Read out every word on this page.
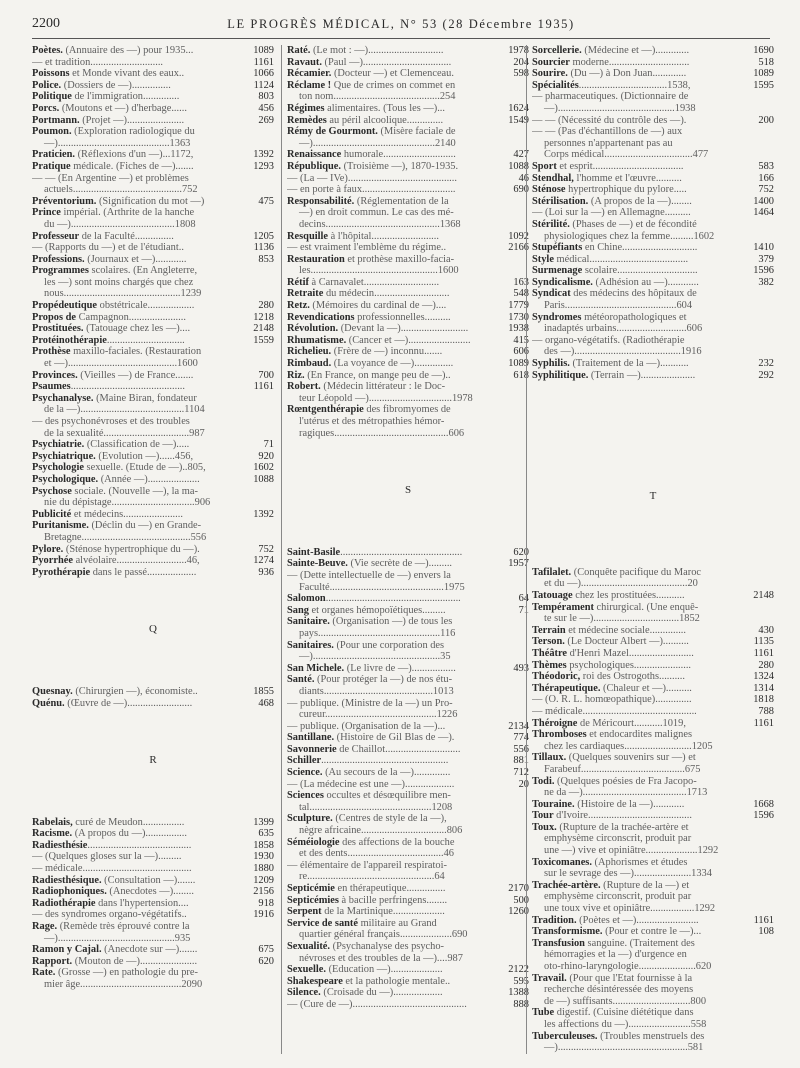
2200	LE PROGRÈS MÉDICAL, N° 53 (28 Décembre 1935)
Poètes. (Annuaire des —) pour 1935...	1089
— et tradition............................	1161
Poissons et Monde vivant des eaux..	1066
Police. (Dossiers de —)...............	1124
Politique de l'immigration..............	803
Porcs. (Moutons et —) d'herbage......	456
Portmann. (Projet —)......................	269
Poumon. (Exploration radiologique du
—)...........................................1363
Praticien. (Réflexions d'un —)...1172,	1392
Pratique médicale. (Fiches de —).......	1293
— — (En Argentine —) et problèmes
actuels..........................................752
Préventorium. (Signification du mot —)	475
Prince impérial. (Arthrite de la hanche
du —)........................................1808
Professeur de la Faculté...............	1205
— (Rapports du —) et de l'étudiant..	1136
Professions. (Journaux et —)............	853
Programmes scolaires. (En Angleterre,
les —) sont moins chargés que chez
nous.............................................1239
Propédeutique obstétricale..................	280
Propos de Campagnon......................	1218
Prostituées. (Tatouage chez les —)....	2148
Protéinothérapie..............................	1559
Prothèse maxillo-faciales. (Restauration
et —)..........................................1600
Provinces. (Vieilles —) de France.......	700
Psaumes............................................	1161
Psychanalyse. (Maine Biran, fondateur
de la —)........................................1104
— des psychonévroses et des troubles
de la sexualité.................................987
Psychiatrie. (Classification de —).....	71
Psychiatrique. (Evolution —)......456,	920
Psychologie sexuelle. (Etude de —)..805,	1602
Psychologique. (Année —)....................	1088
Psychose sociale. (Nouvelle —), la ma-
nie du dépistage................................906
Publicité et médecins.......................	1392
Puritanisme. (Déclin du —) en Grande-
Bretagne..........................................556
Pylore. (Sténose hypertrophique du —).	752
Pyorrhée alvéolaire...........................46,	1274
Pyrothérapie dans le passé...................	936
Q
Quesnay. (Chirurgien —), économiste..	1855
Quénu. (Œuvre de —).........................	468
R
Rabelais, curé de Meudon................	1399
Racisme. (A propos du —)................	635
Radiesthésie........................................	1858
— (Quelques gloses sur la —).........	1930
— médicale..........................................	1880
Radiesthésique. (Consultation —).......	1209
Radiophoniques. (Anecdotes —)........	2156
Radiothérapie dans l'hypertension....	918
— des syndromes organo-végétatifs..	1916
Rage. (Remède très éprouvé contre la
—).............................................935
Ramon y Cajal. (Anecdote sur —).......	675
Rapport. (Mouton de —)......................	620
Rate. (Grosse —) en pathologie du pre-
mier âge.......................................2090
Raté. (Le mot : —).............................	1978
Ravaut. (Paul —)..................................	204
Récamier. (Docteur —) et Clemenceau.	598
Réclame ! Que de crimes on commet en
ton nom.........................................254
Régimes alimentaires. (Tous les —)...	1624
Remèdes au péril alcoolique..............	1549
Rémy de Gourmont. (Misère faciale de
—)...............................................2140
Renaissance humorale............................	427
République. (Troisième —), 1870-1935.	1088
— (La — IVe)..........................................	46
— en porte à faux....................................	690
Responsabilité. (Réglementation de la
—) en droit commun. Le cas des mé-
decins............................................1368
Resquille à l'hôpital..........................	1092
— est vraiment l'emblème du régime..	2166
Restauration et prothèse maxillo-facia-
les.................................................1600
Rétif à Carnavalet.............................	163
Retraite du médecin.............................	548
Retz. (Mémoires du cardinal de —)....	1779
Revendications professionnelles..........	1730
Révolution. (Devant la —)..........................	1938
Rhumatisme. (Cancer et —)........................	415
Richelieu. (Frère de —) inconnu.......	606
Rimbaud. (La voyance de —)...............	1089
Riz. (En France, on mange peu de —)..	618
Robert. (Médecin littérateur : le Doc-
teur Léopold —)................................1978
Rœntgenthérapie des fibromyomes de
l'utérus et des métropathies hémor-
ragiques............................................606
S
Saint-Basile...............................................	620
Sainte-Beuve. (Vie secrète de —).........	1957
— (Dette intellectuelle de —) envers la
Faculté............................................1975
Salomon....................................................	64
Sang et organes hémopoïétiques.........	71
Sanitaire. (Organisation —) de tous les
pays...............................................116
Sanitaires. (Pour une corporation des
—).................................................35
San Michele. (Le livre de —).................	493
Santé. (Pour protéger la —) de nos étu-
diants..........................................1013
— publique. (Ministre de la —) un Pro-
cureur...........................................1226
— publique. (Organisation de la —)...	2134
Santillane. (Histoire de Gil Blas de —).	774
Savonnerie de Chaillot.............................	556
Schiller.................................................	881
Science. (Au secours de la —)..............	712
— (La médecine est une —)...................	20
Sciences occultes et désœquilibre men-
tal...............................................1208
Sculpture. (Centres de style de la —),
nègre africaine.................................806
Séméiologie des affections de la bouche
et des dents.....................................46
— élémentaire de l'appareil respiratoi-
re.................................................64
Septicémie en thérapeutique...............	2170
Septicémies à bacille perfringens........	500
Serpent de la Martinique....................	1260
Service de santé militaire au Grand
quartier général français....................690
Sexualité. (Psychanalyse des psycho-
névroses et des troubles de la —)....987
Sexuelle. (Education —)....................	2122
Shakespeare et la pathologie mentale..	595
Silence. (Croisade du —)...................	1388
— (Cure de —)............................................	888
Sorcellerie. (Médecine et —).............	1690
Sourcier moderne...............................	518
Sourire. (Du —) à Don Juan.............	1089
Spécialités..................................1538,	1595
— pharmaceutiques. (Dictionnaire de
—).............................................1938
— — (Nécessité du contrôle des —).	200
— — (Pas d'échantillons de —) aux
personnes n'appartenant pas au
Corps médical..................................477
Sport et esprit...................................	583
Stendhal, l'homme et l'œuvre..........	166
Sténose hypertrophique du pylore.....	752
Stérilisation. (A propos de la —)........	1400
— (Loi sur la —) en Allemagne..........	1464
Stérilité. (Phases de —) et de fécondité
physiologiques chez la femme.........1602
Stupéfiants en Chine.............................	1410
Style médical......................................	379
Surmenage scolaire...............................	1596
Syndicalisme. (Adhésion au —)............	382
Syndicat des médecins des hôpitaux de
Paris...........................................604
Syndromes météoropathologiques et
inadaptés urbains...........................606
— organo-végétatifs. (Radiothérapie
des —).........................................1916
Syphilis. (Traitement de la —)...........	232
Syphilitique. (Terrain —).....................	292
T
Tafilalet. (Conquête pacifique du Maroc
et du —).........................................20
Tatouage chez les prostituées...........	2148
Tempérament chirurgical. (Une enquê-
te sur le —).................................1852
Terrain et médecine sociale..............	430
Terson. (Le Docteur Albert —)..........	1135
Théâtre d'Henri Mazel.........................	1161
Thèmes psychologiques......................	280
Théodoric, roi des Ostrogoths..........	1324
Thérapeutique. (Chaleur et —)..........	1314
— (O. R. L. homœopathique)..............	1818
— médicale............................................	788
Théroigne de Méricourt...........1019,	1161
Thromboses et endocardites malignes
chez les cardiaques..........................1205
Tillaux. (Quelques souvenirs sur —) et
Farabeuf........................................675
Todi. (Quelques poésies de Fra Jacopo-
ne da —)........................................1713
Touraine. (Histoire de la —)............	1668
Tour d'Ivoire........................................	1596
Toux. (Rupture de la trachée-artère et
emphysème circonscrit, produit par
une —) vive et opiniâtre....................1292
Toxicomanes. (Aphorismes et études
sur le sevrage des —)......................1334
Trachée-artère. (Rupture de la —) et
emphysème circonscrit, produit par
une toux vive et opiniâtre.................1292
Tradition. (Poètes et —)........................	1161
Transformisme. (Pour et contre le —)...	108
Transfusion sanguine. (Traitement des
hémorragies et la —) d'urgence en
oto-rhino-laryngologie......................620
Travail. (Pour que l'Etat fournisse à la
recherche désintéressée des moyens
de —) suffisants..............................800
Tube digestif. (Cuisine diététique dans
les affections du —)........................558
Tuberculeuses. (Troubles menstruels des
—)..................................................581
